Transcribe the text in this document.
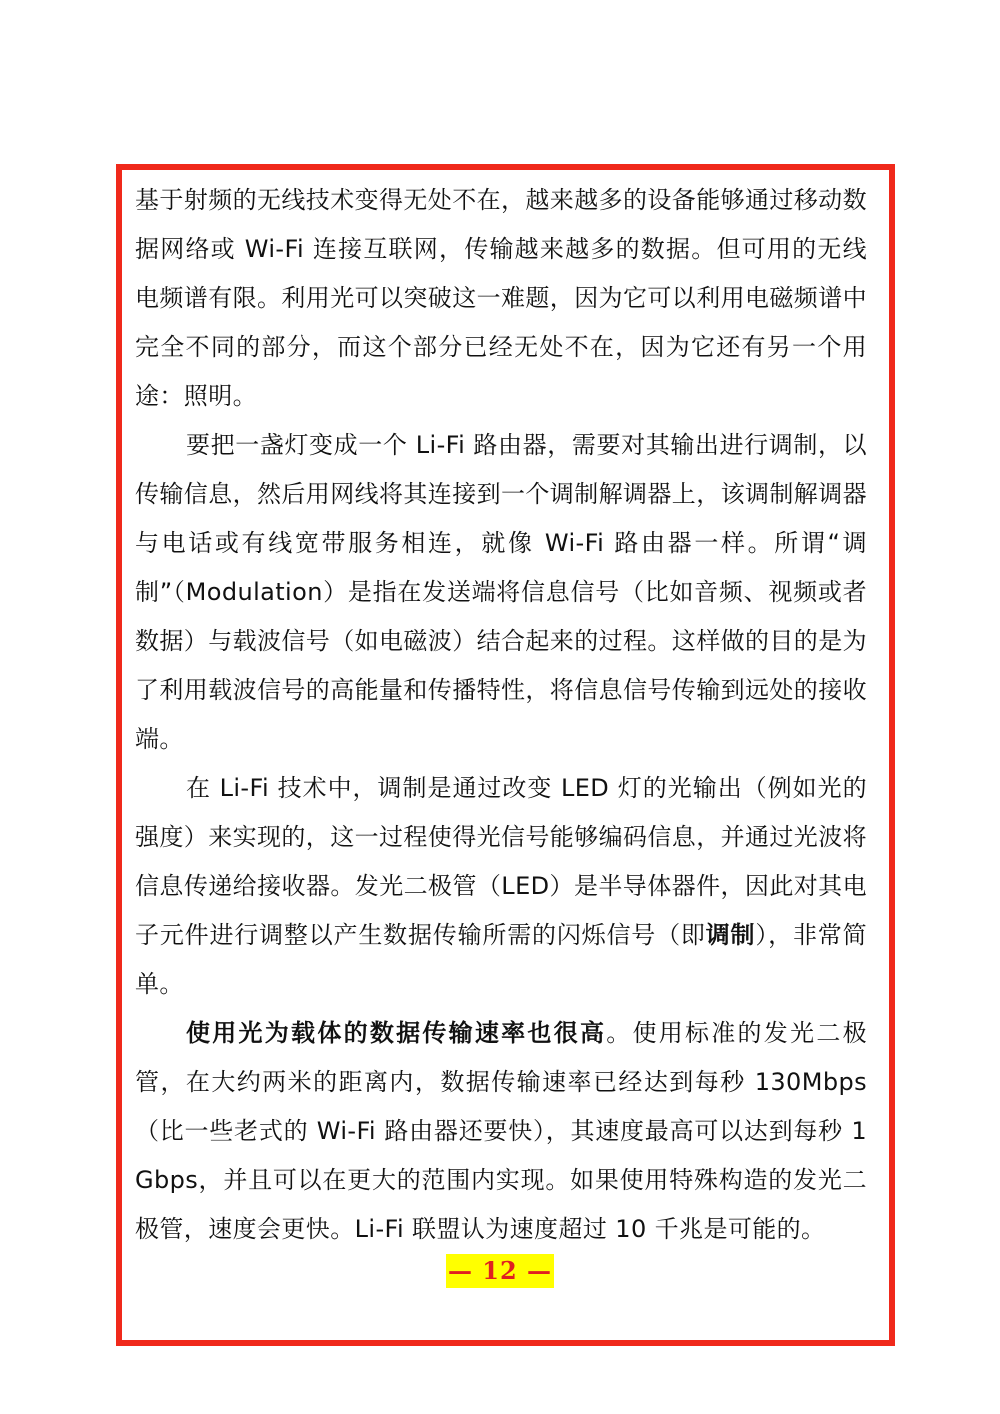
基于射频的无线技术变得无处不在，越来越多的设备能够通过移动数据网络或 Wi-Fi 连接互联网，传输越来越多的数据。但可用的无线电频谱有限。利用光可以突破这一难题，因为它可以利用电磁频谱中完全不同的部分，而这个部分已经无处不在，因为它还有另一个用途：照明。

要把一盏灯变成一个 Li-Fi 路由器，需要对其输出进行调制，以传输信息，然后用网线将其连接到一个调制解调器上，该调制解调器与电话或有线宽带服务相连，就像 Wi-Fi 路由器一样。所谓“调制”（Modulation）是指在发送端将信息信号（比如音频、视频或者数据）与载波信号（如电磁波）结合起来的过程。这样做的目的是为了利用载波信号的高能量和传播特性，将信息信号传输到远处的接收端。

在 Li-Fi 技术中，调制是通过改变 LED 灯的光输出（例如光的强度）来实现的，这一过程使得光信号能够编码信息，并通过光波将信息传递给接收器。发光二极管（LED）是半导体器件，因此对其电子元件进行调整以产生数据传输所需的闪烁信号（即调制），非常简单。

使用光为载体的数据传输速率也很高。使用标准的发光二极管，在大约两米的距离内，数据传输速率已经达到每秒 130Mbps（比一些老式的 Wi-Fi 路由器还要快），其速度最高可以达到每秒 1 Gbps，并且可以在更大的范围内实现。如果使用特殊构造的发光二极管，速度会更快。Li-Fi 联盟认为速度超过 10 千兆是可能的。

— 12 —
